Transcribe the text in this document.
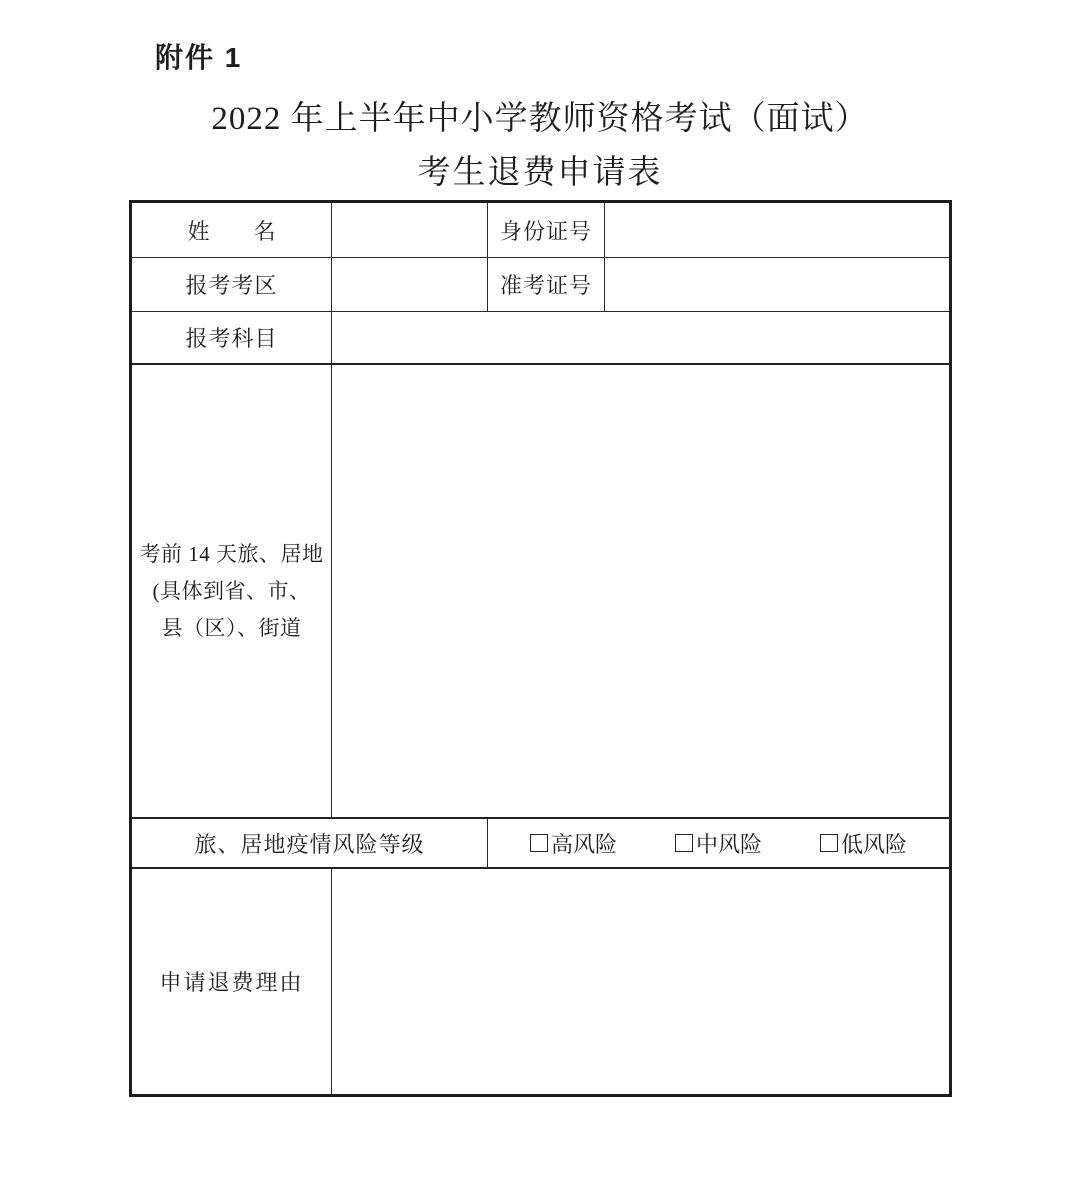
附件 1
2022 年上半年中小学教师资格考试（面试）
考生退费申请表
姓　　名	身份证号
报考考区	准考证号
报考科目
考前 14 天旅、居地
(具体到省、市、
县（区）、街道
旅、居地疫情风险等级	高风险	中风险	低风险
申请退费理由
